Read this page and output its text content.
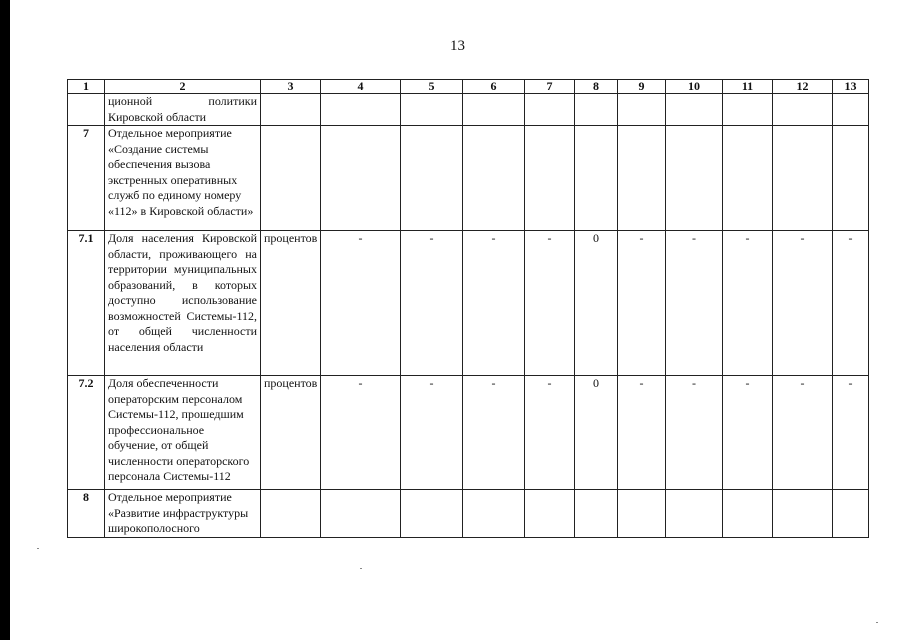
13
1	2	3	4	5	6	7	8	9	10	11	12	13
	ционной политики Кировской области											
7	Отдельное мероприятие «Создание системы обеспечения вызова экстренных оперативных служб по единому номеру «112» в Кировской области»											
7.1	Доля населения Кировской области, проживающего на территории муниципальных образований, в которых доступно использование возможностей Системы-112, от общей численности населения области	процентов	-	-	-	-	0	-	-	-	-	-
7.2	Доля обеспеченности операторским персоналом Системы-112, прошедшим профессиональное обучение, от общей численности операторского персонала Системы-112	процентов	-	-	-	-	0	-	-	-	-	-
8	Отдельное мероприятие «Развитие инфраструктуры широкополосного											
